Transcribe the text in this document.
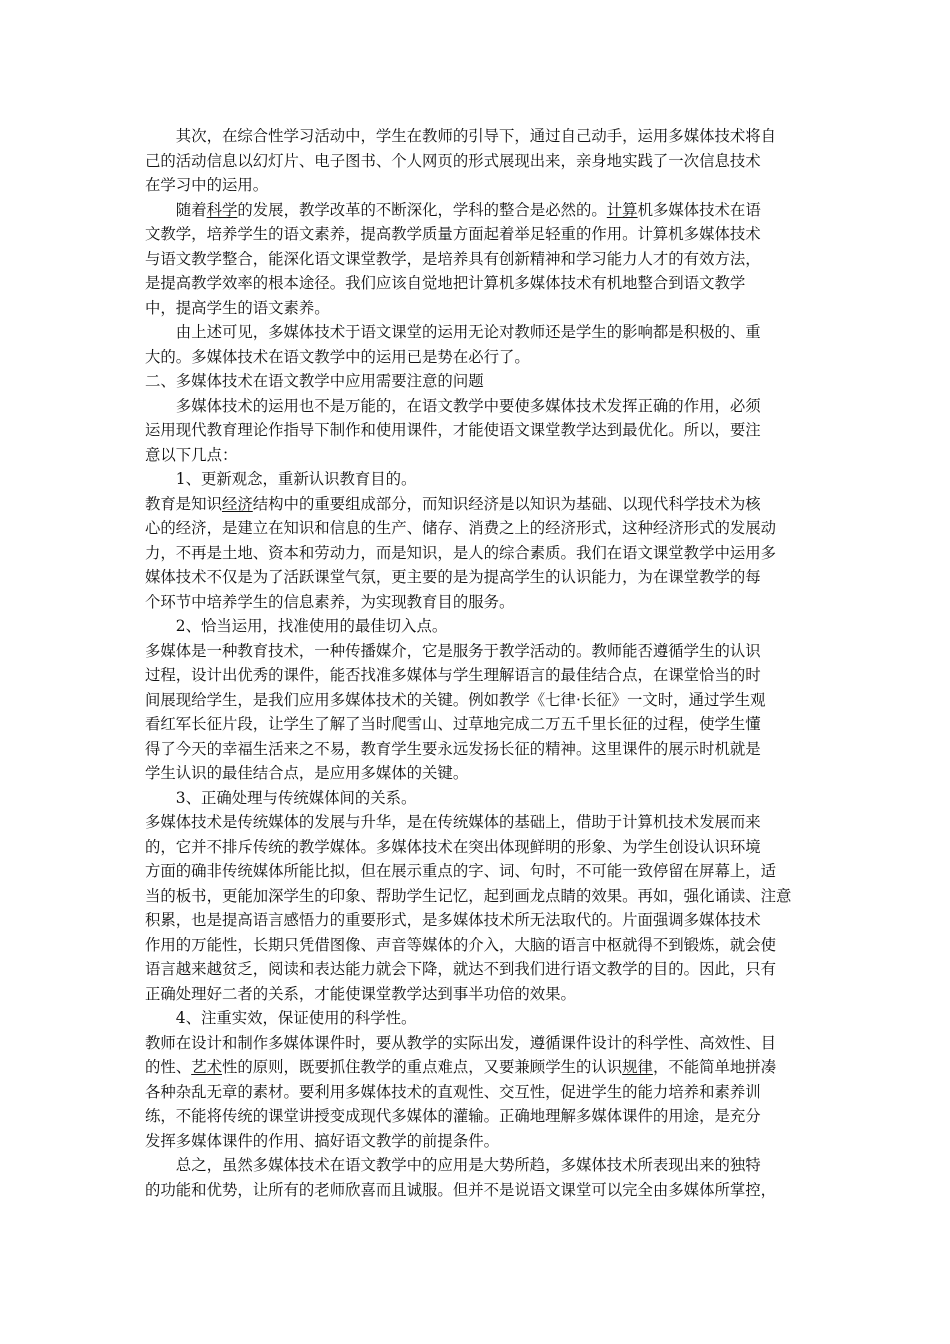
其次，在综合性学习活动中，学生在教师的引导下，通过自己动手，运用多媒体技术将自
己的活动信息以幻灯片、电子图书、个人网页的形式展现出来，亲身地实践了一次信息技术
在学习中的运用。
随着科学的发展，教学改革的不断深化，学科的整合是必然的。计算机多媒体技术在语
文教学，培养学生的语文素养，提高教学质量方面起着举足轻重的作用。计算机多媒体技术
与语文教学整合，能深化语文课堂教学，是培养具有创新精神和学习能力人才的有效方法，
是提高教学效率的根本途径。我们应该自觉地把计算机多媒体技术有机地整合到语文教学
中，提高学生的语文素养。
由上述可见，多媒体技术于语文课堂的运用无论对教师还是学生的影响都是积极的、重
大的。多媒体技术在语文教学中的运用已是势在必行了。
二、多媒体技术在语文教学中应用需要注意的问题
多媒体技术的运用也不是万能的，在语文教学中要使多媒体技术发挥正确的作用，必须
运用现代教育理论作指导下制作和使用课件，才能使语文课堂教学达到最优化。所以，要注
意以下几点：
1、更新观念，重新认识教育目的。
教育是知识经济结构中的重要组成部分，而知识经济是以知识为基础、以现代科学技术为核
心的经济，是建立在知识和信息的生产、储存、消费之上的经济形式，这种经济形式的发展动
力，不再是土地、资本和劳动力，而是知识，是人的综合素质。我们在语文课堂教学中运用多
媒体技术不仅是为了活跃课堂气氛，更主要的是为提高学生的认识能力，为在课堂教学的每
个环节中培养学生的信息素养，为实现教育目的服务。
2、恰当运用，找准使用的最佳切入点。
多媒体是一种教育技术，一种传播媒介，它是服务于教学活动的。教师能否遵循学生的认识
过程，设计出优秀的课件，能否找准多媒体与学生理解语言的最佳结合点，在课堂恰当的时
间展现给学生，是我们应用多媒体技术的关键。例如教学《七律·长征》一文时，通过学生观
看红军长征片段，让学生了解了当时爬雪山、过草地完成二万五千里长征的过程，使学生懂
得了今天的幸福生活来之不易，教育学生要永远发扬长征的精神。这里课件的展示时机就是
学生认识的最佳结合点，是应用多媒体的关键。
3、正确处理与传统媒体间的关系。
多媒体技术是传统媒体的发展与升华，是在传统媒体的基础上，借助于计算机技术发展而来
的，它并不排斥传统的教学媒体。多媒体技术在突出体现鲜明的形象、为学生创设认识环境
方面的确非传统媒体所能比拟，但在展示重点的字、词、句时，不可能一致停留在屏幕上，适
当的板书，更能加深学生的印象、帮助学生记忆，起到画龙点睛的效果。再如，强化诵读、注意
积累，也是提高语言感悟力的重要形式，是多媒体技术所无法取代的。片面强调多媒体技术
作用的万能性，长期只凭借图像、声音等媒体的介入，大脑的语言中枢就得不到锻炼，就会使
语言越来越贫乏，阅读和表达能力就会下降，就达不到我们进行语文教学的目的。因此，只有
正确处理好二者的关系，才能使课堂教学达到事半功倍的效果。
4、注重实效，保证使用的科学性。
教师在设计和制作多媒体课件时，要从教学的实际出发，遵循课件设计的科学性、高效性、目
的性、艺术性的原则，既要抓住教学的重点难点，又要兼顾学生的认识规律，不能简单地拼凑
各种杂乱无章的素材。要利用多媒体技术的直观性、交互性，促进学生的能力培养和素养训
练，不能将传统的课堂讲授变成现代多媒体的灌输。正确地理解多媒体课件的用途，是充分
发挥多媒体课件的作用、搞好语文教学的前提条件。
总之，虽然多媒体技术在语文教学中的应用是大势所趋，多媒体技术所表现出来的独特
的功能和优势，让所有的老师欣喜而且诚服。但并不是说语文课堂可以完全由多媒体所掌控，
